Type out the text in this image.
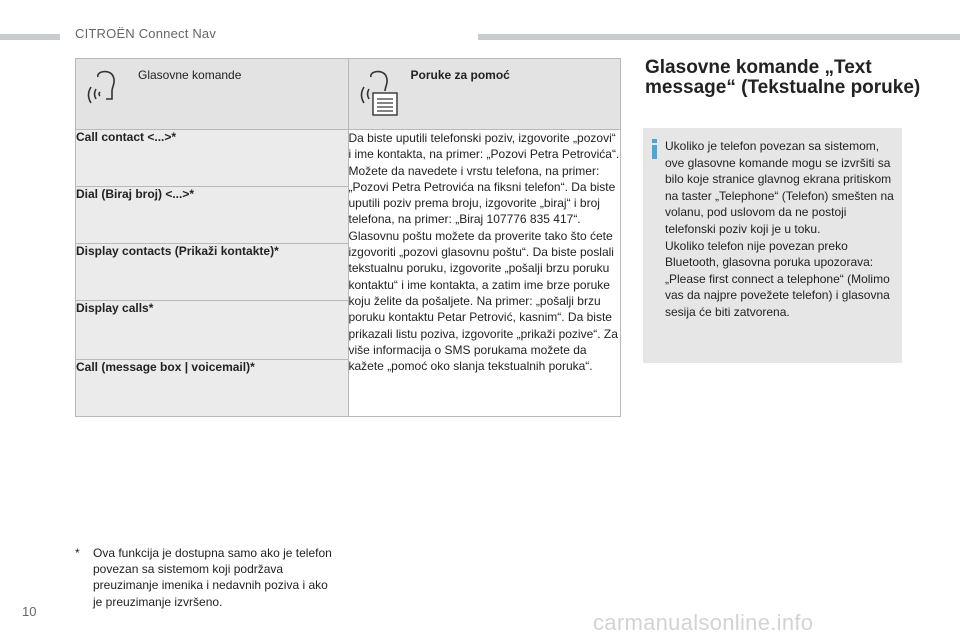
CITROËN Connect Nav
Glasovne komande	Poruke za pomoć

Call contact <...>*	Da biste uputili telefonski poziv, izgovorite „pozovi“ i ime kontakta, na primer: „Pozovi Petra Petrovića“. Možete da navedete i vrstu telefona, na primer: „Pozovi Petra Petrovića na fiksni telefon“. Da biste uputili poziv prema broju, izgovorite „biraj“ i broj telefona, na primer: „Biraj 107776 835 417“. Glasovnu poštu možete da proverite tako što ćete izgovoriti „pozovi glasovnu poštu“. Da biste poslali tekstualnu poruku, izgovorite „pošalji brzu poruku kontaktu“ i ime kontakta, a zatim ime brze poruke koju želite da pošaljete. Na primer: „pošalji brzu poruku kontaktu Petar Petrović, kasnim“. Da biste prikazali listu poziva, izgovorite „prikaži pozive“. Za više informacija o SMS porukama možete da kažete „pomoć oko slanja tekstualnih poruka“.
Dial (Biraj broj) <...>*	
Display contacts (Prikaži kontakte)*	
Display calls*	
Call (message box | voicemail)*	
* Ova funkcija je dostupna samo ako je telefon povezan sa sistemom koji podržava preuzimanje imenika i nedavnih poziva i ako je preuzimanje izvršeno.
Glasovne komande „Text message“ (Tekstualne poruke)
Ukoliko je telefon povezan sa sistemom, ove glasovne komande mogu se izvršiti sa bilo koje stranice glavnog ekrana pritiskom na taster „Telephone“ (Telefon) smešten na volanu, pod uslovom da ne postoji telefonski poziv koji je u toku.
Ukoliko telefon nije povezan preko Bluetooth, glasovna poruka upozorava: „Please first connect a telephone“ (Molimo vas da najpre povežete telefon) i glasovna sesija će biti zatvorena.
10	carmanualsonline.info
